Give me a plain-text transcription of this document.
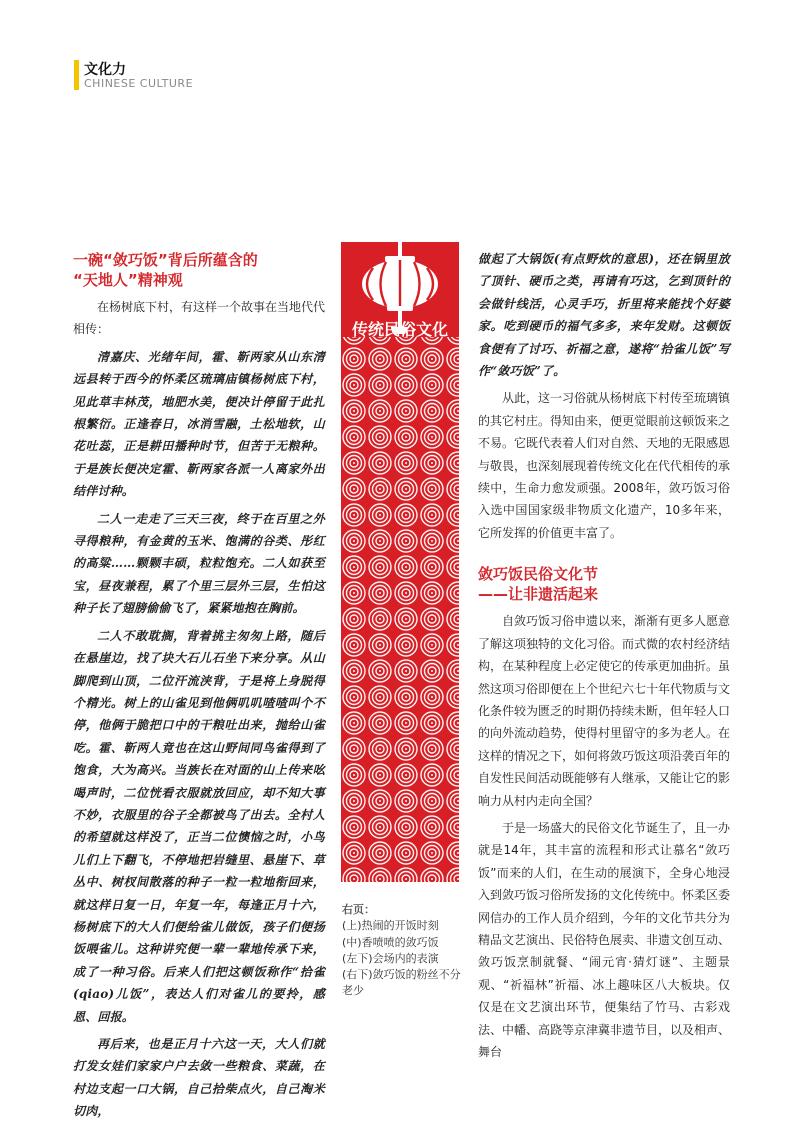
文化力
CHINESE CULTURE
一碗“敛巧饭”背后所蕴含的
“天地人”精神观

在杨树底下村，有这样一个故事在当地代代相传：

清嘉庆、光绪年间，霍、靳两家从山东清远县转于西今的怀柔区琉璃庙镇杨树底下村，见此草丰林茂，地肥水美，便决计停留于此扎根繁衍。正逢春日，冰消雪融，土松地软，山花吐蕊，正是耕田播种时节，但苦于无粮种。于是族长便决定霍、靳两家各派一人离家外出结伴讨种。

二人一走走了三天三夜，终于在百里之外寻得粮种，有金黄的玉米、饱满的谷类、彤红的高粱……颗颗丰硕，粒粒饱充。二人如获至宝，昼夜兼程，累了个里三层外三层，生怕这种子长了翅膀偷偷飞了，紧紧地抱在胸前。

二人不敢耽搁，背着挑主匆匆上路，随后在悬崖边，找了块大石儿石坐下来分享。从山脚爬到山顶，二位汗流浃背，于是将上身脱得个精光。树上的山雀见到他俩叽叽喳喳叫个不停，他俩于脆把口中的干粮吐出来，抛给山雀吃。霍、靳两人竟也在这山野间同鸟雀得到了饱食，大为高兴。当族长在对面的山上传来吆喝声时，二位恍看衣服就放回应，却不知大事不妙，衣服里的谷子全都被鸟了出去。全村人的希望就这样没了，正当二位懊恼之时，小鸟儿们上下翻飞，不停地把岩缝里、悬崖下、草丛中、树杈间散落的种子一粒一粒地衔回来，就这样日复一日，年复一年，每逢正月十六，杨树底下的大人们便给雀儿做饭，孩子们便扬饭喂雀儿。这种讲究便一辈一辈地传承下来，成了一种习俗。后来人们把这顿饭称作“拾雀(qiao)儿饭”，表达人们对雀儿的要拎，感恩、回报。

再后来，也是正月十六这一天，大人们就打发女娃们家家户户去敛一些粮食、菜蔬，在村边支起一口大锅，自己拾柴点火，自己淘米切肉，

传统民俗文化
右页：
(上)热闹的开饭时刻
(中)香喷喷的敛巧饭
(左下)会场内的表演
(右下)敛巧饭的粉丝不分老少

做起了大锅饭(有点野炊的意思)，还在锅里放了顶针、硬币之类，再请有巧这，乞到顶针的会做针线活，心灵手巧，折里将来能找个好婆家。吃到硬币的福气多多，来年发财。这顿饭食便有了讨巧、祈福之意，遂将“拾雀儿饭”写作“敛巧饭”了。

从此，这一习俗就从杨树底下村传至琉璃镇的其它村庄。得知由来，便更觉眼前这顿饭来之不易。它既代表着人们对自然、天地的无限感恩与敬畏，也深刻展现着传统文化在代代相传的承续中，生命力愈发顽强。2008年，敛巧饭习俗入选中国国家级非物质文化遗产，10多年来，它所发挥的价值更丰富了。

敛巧饭民俗文化节
——让非遗活起来

自敛巧饭习俗申遗以来，渐渐有更多人愿意了解这项独特的文化习俗。而式微的农村经济结构，在某种程度上必定使它的传承更加曲折。虽然这项习俗即便在上个世纪六七十年代物质与文化条件较为匮乏的时期仍持续未断，但年轻人口的向外流动趋势，使得村里留守的多为老人。在这样的情况之下，如何将敛巧饭这项沿袭百年的自发性民间活动既能够有人继承，又能让它的影响力从村内走向全国？

于是一场盛大的民俗文化节诞生了，且一办就是14年，其丰富的流程和形式让慕名“敛巧饭”而来的人们，在生动的展演下，全身心地浸入到敛巧饭习俗所发扬的文化传统中。怀柔区委网信办的工作人员介绍到，今年的文化节共分为精品文艺演出、民俗特色展卖、非遗文创互动、敛巧饭烹制就餐、“闹元宵·猜灯谜”、主题景观、“祈福林”祈福、冰上趣味区八大板块。仅仅是在文艺演出环节，便集结了竹马、古彩戏法、中幡、高跷等京津冀非遗节目，以及相声、舞台
